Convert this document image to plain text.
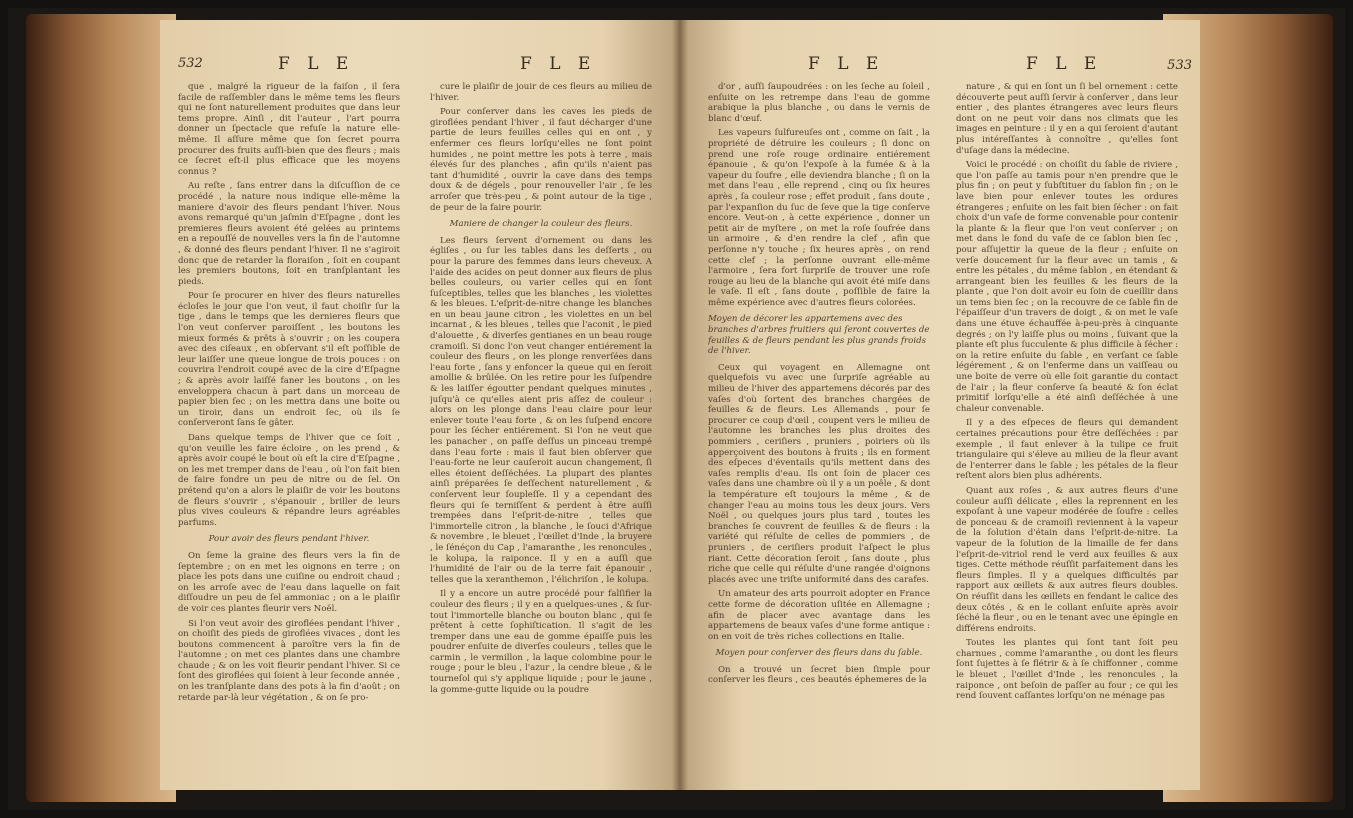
532	F L E	F L E

que , malgré la rigueur de la faiſon , il ſera facile de raſſembler dans le même tems les fleurs qui ne ſont naturellement produites que dans leur tems propre. Ainſi , dit l'auteur , l'art pourra donner un ſpectacle que refuſe la nature elle-même. Il aſſure même que ſon ſecret pourra procurer des fruits auſſi-bien que des fleurs ; mais ce ſecret eſt-il plus efficace que les moyens connus ?

Au reſte , ſans entrer dans la diſcuſſion de ce procédé , la nature nous indique elle-même la maniere d'avoir des fleurs pendant l'hiver. Nous avons remarqué qu'un jaſmin d'Eſpagne , dont les premieres fleurs avoient été gelées au printems en a repouſſé de nouvelles vers la fin de l'automne , & donné des fleurs pendant l'hiver. Il ne s'agiroit donc que de retarder la floraiſon , ſoit en coupant les premiers boutons, ſoit en tranſplantant les pieds.

Pour ſe procurer en hiver des fleurs naturelles écloſes le jour que l'on veut, il faut choiſir ſur la tige , dans le temps que les dernieres fleurs que l'on veut conſerver paroiſſent , les boutons les mieux formés & prêts à s'ouvrir ; on les coupera avec des ciſeaux , en obſervant s'il eſt poſſible de leur laiſſer une queue longue de trois pouces : on couvrira l'endroit coupé avec de la cire d'Eſpagne ; & après avoir laiſſé faner les boutons , on les enveloppera chacun à part dans un morceau de papier bien ſec ; on les mettra dans une boite ou un tiroir, dans un endroit ſec, où ils ſe conſerveront ſans ſe gâter.

Dans quelque temps de l'hiver que ce ſoit , qu'on veuille les faire écloire , on les prend , & après avoir coupé le bout où eſt la cire d'Eſpagne , on les met tremper dans de l'eau , où l'on fait bien de faire fondre un peu de nitre ou de ſel. On prétend qu'on a alors le plaiſir de voir les boutons de fleurs s'ouvrir , s'épanouir , briller de leurs plus vives couleurs & répandre leurs agréables parfums.

Pour avoir des fleurs pendant l'hiver.

On ſeme la graine des fleurs vers la fin de ſeptembre ; on en met les oignons en terre ; on place les pots dans une cuiſine ou endroit chaud ; on les arroſe avec de l'eau dans laquelle on fait diſſoudre un peu de ſel ammoniac ; on a le plaiſir de voir ces plantes fleurir vers Noël.

Si l'on veut avoir des giroflées pendant l'hiver , on choiſit des pieds de giroflées vivaces , dont les boutons commencent à paroître vers la fin de l'automne ; on met ces plantes dans une chambre chaude ; & on les voit fleurir pendant l'hiver. Si ce ſont des giroflées qui ſoient à leur ſeconde année , on les tranſplante dans des pots à la fin d'août ; on retarde par-là leur végétation , & on ſe pro-

cure le plaiſir de jouir de ces fleurs au milieu de l'hiver.

Pour conſerver dans les caves les pieds de giroflées pendant l'hiver , il faut décharger d'une partie de leurs feuilles celles qui en ont , y enfermer ces fleurs lorſqu'elles ne ſont point humides , ne point mettre les pots à terre , mais élevés ſur des planches , afin qu'ils n'aient pas tant d'humidité , ouvrir la cave dans des temps doux & de dégels , pour renouveller l'air , ſe les arroſer que très-peu , & point autour de la tige , de peur de la faire pourir.

Maniere de changer la couleur des fleurs.

Les fleurs ſervent d'ornement ou dans les égliſes , ou ſur les tables dans les deſſerts , ou pour la parure des femmes dans leurs cheveux. A l'aide des acides on peut donner aux fleurs de plus belles couleurs, ou varier celles qui en ſont ſuſceptibles, telles que les blanches , les violettes & les bleues. L'eſprit-de-nitre change les blanches en un beau jaune citron , les violettes en un bel incarnat , & les bleues , telles que l'aconit , le pied d'alouette , & diverſes gentianes en un beau rouge cramoiſi. Si donc l'on veut changer entiérement la couleur des fleurs , on les plonge renverſées dans l'eau forte , ſans y enfoncer la queue qui en ſeroit amollie & brûlée. On les retire pour les ſuſpendre & les laiſſer égoutter pendant quelques minutes , juſqu'à ce qu'elles aient pris aſſez de couleur : alors on les plonge dans l'eau claire pour leur enlever toute l'eau forte , & on les ſuſpend encore pour les ſécher entiérement. Si l'on ne veut que les panacher , on paſſe deſſus un pinceau trempé dans l'eau forte : mais il faut bien obſerver que l'eau-forte ne leur cauſeroit aucun changement, ſi elles étoient deſſéchées. La plupart des plantes ainſi préparées ſe deſſechent naturellement , & conſervent leur ſoupleſſe. Il y a cependant des fleurs qui ſe terniſſent & perdent à être auſſi trempées dans l'eſprit-de-nitre , telles que l'immortelle citron , la blanche , le ſouci d'Afrique & novembre , le bleuet , l'œillet d'Inde , la bruyere , le ſénéçon du Cap , l'amaranthe , les renoncules , le kolupa, la raiponce. Il y en a auſſi que l'humidité de l'air ou de la terre fait épanouir , telles que la xeranthemon , l'élichriſon , le kolupa.

Il y a encore un autre procédé pour falſifier la couleur des fleurs ; il y en a quelques-unes , & ſur-tout l'immortelle blanche ou bouton blanc , qui ſe prêtent à cette ſophiſtication. Il s'agit de les tremper dans une eau de gomme épaiſſe puis les poudrer enſuite de diverſes couleurs , telles que le carmin , le vermillon , la laque colombine pour le rouge ; pour le bleu , l'azur , la cendre bleue , & le tourneſol qui s'y applique liquide ; pour le jaune , la gomme-gutte liquide ou la poudre

F L E	F L E	533

d'or , auſſi ſaupoudrées : on les ſeche au ſoleil , enſuite on les retrempe dans l'eau de gomme arabique la plus blanche , ou dans le vernis de blanc d'œuf.

Les vapeurs ſulfureuſes ont , comme on ſait , la propriété de détruire les couleurs ; ſi donc on prend une roſe rouge ordinaire entiérement épanouie , & qu'on l'expoſe à la fumée & à la vapeur du ſoufre , elle deviendra blanche ; ſi on la met dans l'eau , elle reprend , cinq ou ſix heures après , ſa couleur rose ; effet produit , ſans doute , par l'expanſion du ſuc de ſeve que la tige conſerve encore. Veut-on , à cette expérience , donner un petit air de myſtere , on met la roſe ſoufrée dans un armoire , & d'en rendre la clef , afin que perſonne n'y touche ; ſix heures après , on rend cette clef ; la perſonne ouvrant elle-même l'armoire , ſera fort ſurpriſe de trouver une roſe rouge au lieu de la blanche qui avoit été miſe dans le vaſe. Il eſt , ſans doute , poſſible de faire la même expérience avec d'autres fleurs colorées.

Moyen de décorer les appartemens avec des branches d'arbres fruitiers qui ſeront couvertes de feuilles & de fleurs pendant les plus grands froids de l'hiver.

Ceux qui voyagent en Allemagne ont quelquefois vu avec une ſurpriſe agréable au milieu de l'hiver des appartemens décorés par des vaſes d'où ſortent des branches chargées de feuilles & de fleurs. Les Allemands , pour ſe procurer ce coup d'œil , coupent vers le milieu de l'automne les branches les plus droites des pommiers , ceriſiers , pruniers , poiriers où ils apperçoivent des boutons à fruits ; ils en forment des eſpeces d'éventails qu'ils mettent dans des vaſes remplis d'eau. Ils ont ſoin de placer ces vaſes dans une chambre où il y a un poêle , & dont la température eſt toujours la même , & de changer l'eau au moins tous les deux jours. Vers Noël , ou quelques jours plus tard , toutes les branches ſe couvrent de feuilles & de fleurs : la variété qui réſulte de celles de pommiers , de pruniers , de ceriſiers produit l'aſpect le plus riant. Cette décoration ſeroit , ſans doute , plus riche que celle qui réſulte d'une rangée d'oignons placés avec une triſte uniformité dans des carafes.

Un amateur des arts pourroit adopter en France cette forme de décoration uſitée en Allemagne ; afin de placer avec avantage dans les appartemens de beaux vaſes d'une forme antique : on en voit de très riches collections en Italie.

Moyen pour conſerver des fleurs dans du ſable.

On a trouvé un ſecret bien ſimple pour conſerver les fleurs , ces beautés éphemeres de la

nature , & qui en ſont un ſi bel ornement : cette découverte peut auſſi ſervir à conſerver , dans leur entier , des plantes étrangeres avec leurs fleurs dont on ne peut voir dans nos climats que les images en peinture : il y en a qui ſeroient d'autant plus intéreſſantes à connoître , qu'elles ſont d'uſage dans la médecine.

Voici le procédé : on choiſit du ſable de riviere , que l'on paſſe au tamis pour n'en prendre que le plus fin ; on peut y ſubſtituer du ſablon fin ; on le lave bien pour enlever toutes les ordures étrangeres ; enſuite on les fait bien ſécher : on fait choix d'un vaſe de forme convenable pour contenir la plante & la fleur que l'on veut conſerver ; on met dans le fond du vaſe de ce ſablon bien ſec , pour aſſujettir la queue de la fleur ; enſuite on verſe doucement ſur la fleur avec un tamis , & entre les pétales , du même ſablon , en étendant & arrangeant bien les feuilles & les fleurs de la plante , que l'on doit avoir eu ſoin de cueillir dans un tems bien ſec ; on la recouvre de ce ſable fin de l'épaiſſeur d'un travers de doigt , & on met le vaſe dans une étuve échauffée à-peu-près à cinquante degrés ; on l'y laiſſe plus ou moins , ſuivant que la plante eſt plus ſucculente & plus difficile à ſécher : on la retire enſuite du ſable , en verſant ce ſable légérement , & on l'enferme dans un vaiſſeau ou une boite de verre où elle ſoit garantie du contact de l'air ; la fleur conſerve ſa beauté & ſon éclat primitif lorſqu'elle a été ainſi deſſéchée à une chaleur convenable.

Il y a des eſpeces de fleurs qui demandent certaines précautions pour être deſſéchées : par exemple , il faut enlever à la tulipe ce fruit triangulaire qui s'éleve au milieu de la fleur avant de l'enterrer dans le ſable ; les pétales de la fleur reſtent alors bien plus adhérents.

Quant aux roſes , & aux autres fleurs d'une couleur auſſi délicate , elles la reprennent en les expoſant à une vapeur modérée de ſoufre : celles de ponceau & de cramoiſi reviennent à la vapeur de la ſolution d'étain dans l'eſprit-de-nitre. La vapeur de la ſolution de la limaille de fer dans l'eſprit-de-vitriol rend le verd aux feuilles & aux tiges. Cette méthode réuſſit parfaitement dans les fleurs ſimples. Il y a quelques difficultés par rapport aux œillets & aux autres fleurs doubles. On réuſſit dans les œillets en fendant le calice des deux côtés , & en le collant enſuite après avoir ſéché la fleur , ou en le tenant avec une épingle en différens endroits.

Toutes les plantes qui ſont tant ſoit peu charnues , comme l'amaranthe , ou dont les fleurs ſont ſujettes à ſe flétrir & à ſe chiffonner , comme le bleuet , l'œillet d'Inde , les renoncules , la raiponce , ont beſoin de paſſer au four ; ce qui les rend ſouvent caſſantes lorſqu'on ne ménage pas
